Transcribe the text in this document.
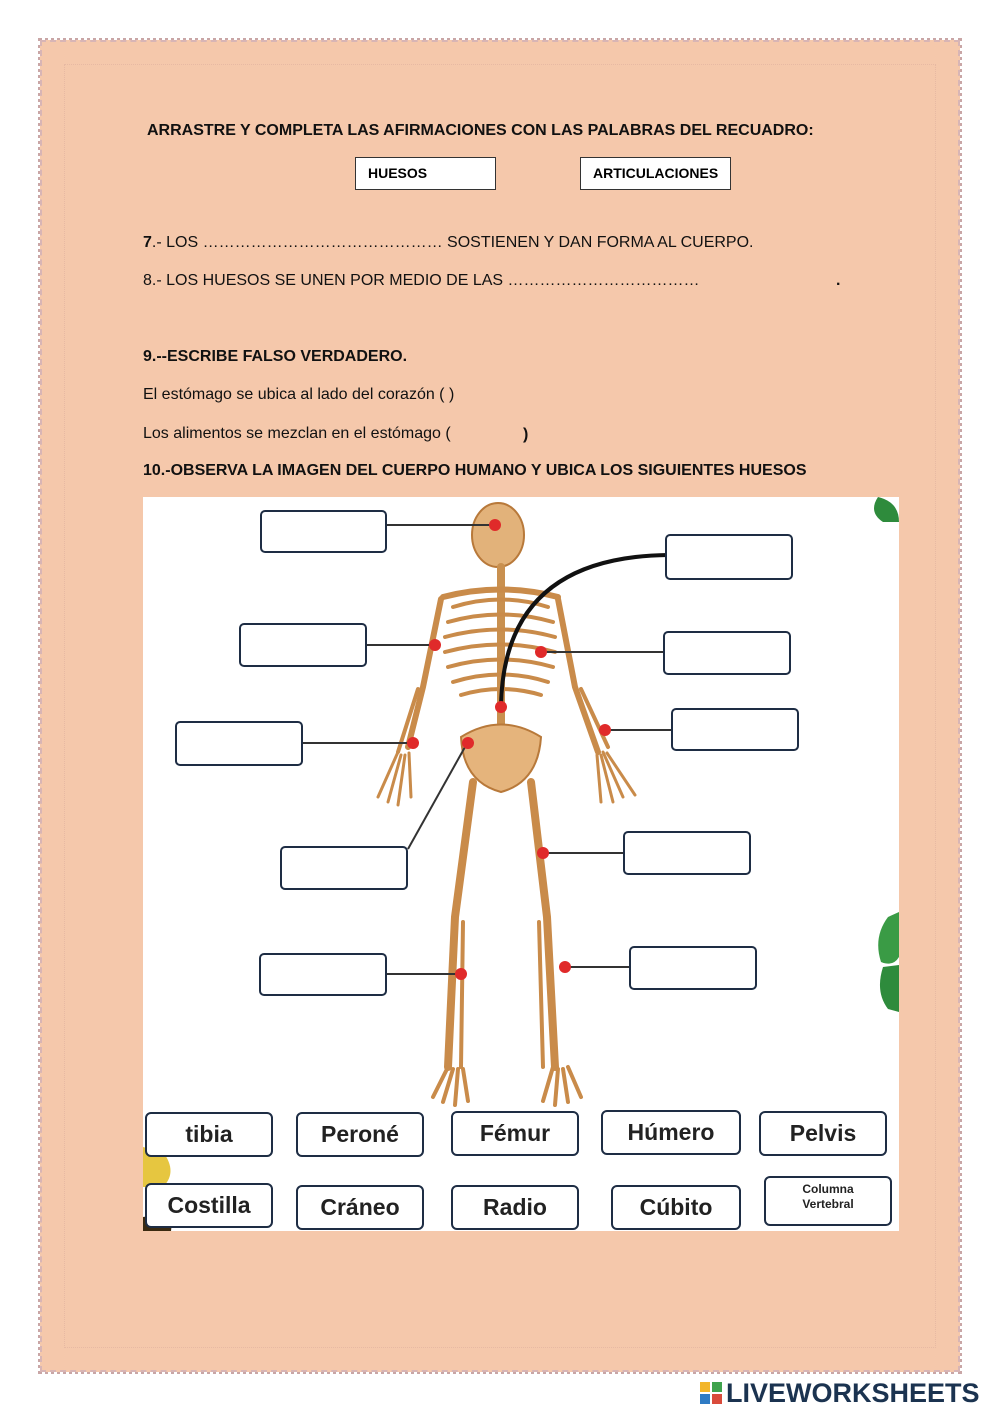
ARRASTRE Y COMPLETA LAS AFIRMACIONES CON LAS PALABRAS DEL RECUADRO:
HUESOS	ARTICULACIONES
7.- LOS ……………………………………… SOSTIENEN Y DAN FORMA AL CUERPO.
8.- LOS HUESOS SE UNEN POR MEDIO DE LAS ………………………………	.
9.--ESCRIBE FALSO VERDADERO.
El estómago se ubica al lado del corazón ( )
Los alimentos se mezclan en el estómago (	)
10.-OBSERVA LA IMAGEN DEL CUERPO HUMANO Y UBICA LOS SIGUIENTES HUESOS
tibia	Peroné	Fémur	Húmero	Pelvis
Costilla	Cráneo	Radio	Cúbito
Columna
Vertebral
LIVEWORKSHEETS
